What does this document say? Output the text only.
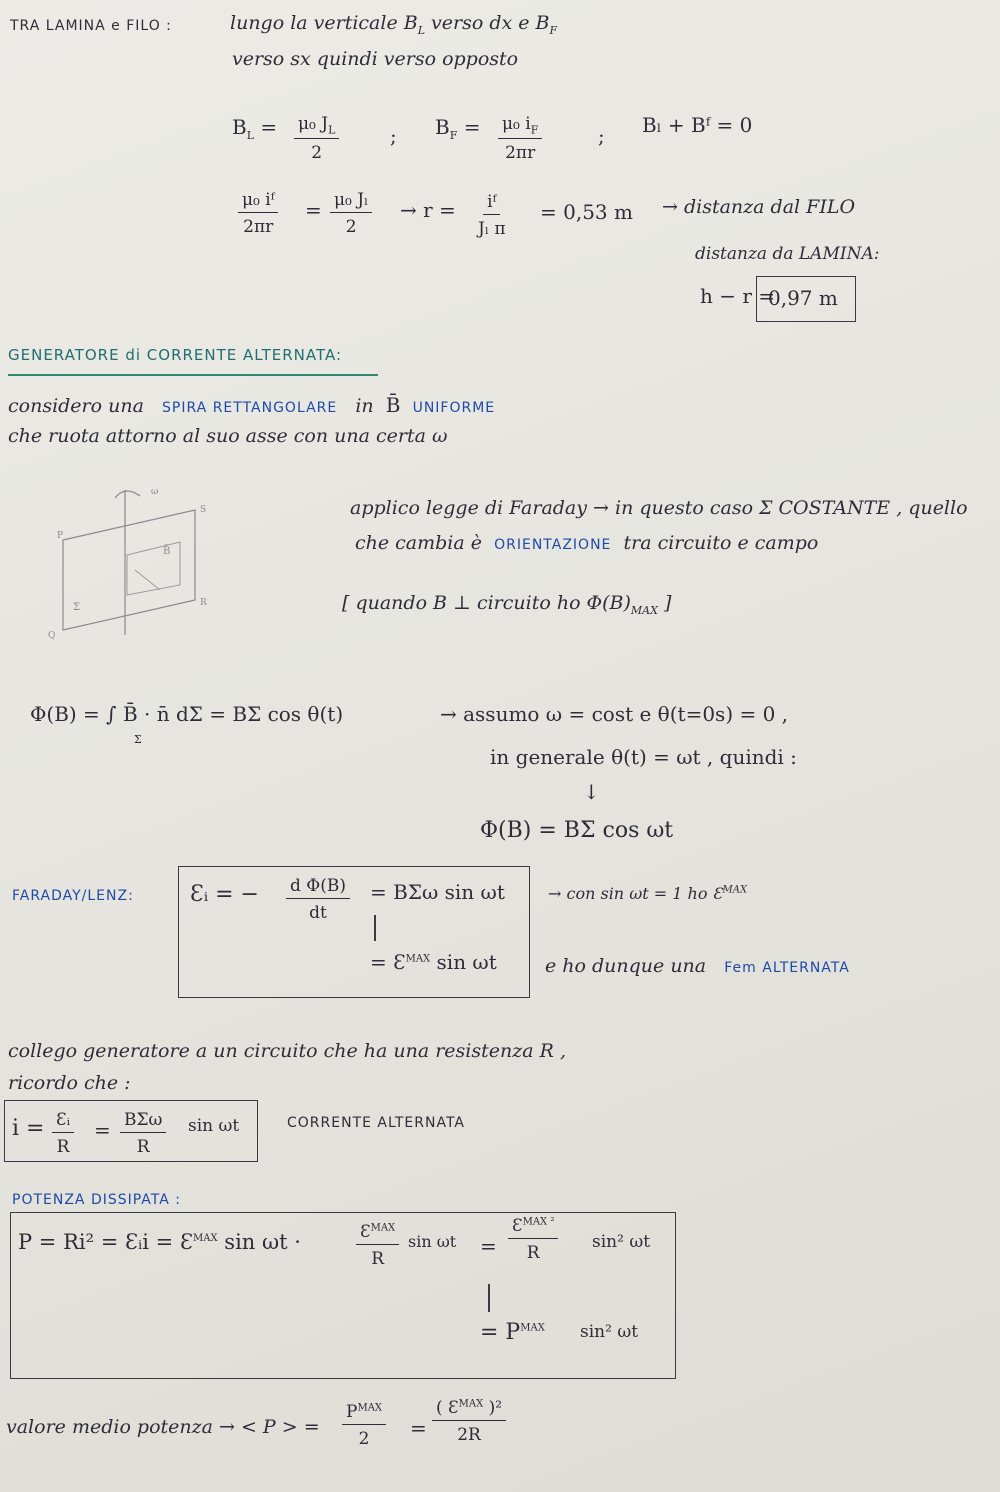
TRA LAMINA e FILO :	lungo la verticale $B_L$ verso dx e $B_F$
verso sx quindi verso opposto
$B_L = \frac{\mu_0 J_L}{2}$	; $B_F = \frac{\mu_0 i_F}{2\pi r}$	; Bₗ + Bᶠ = 0
$\frac{\text{μ₀ iᶠ}}{2\pi r} = \frac{\text{μ₀ Jₗ}}{2} \to r = \frac{\text{iᶠ}}{\text{Jₗ π}} = 0,53$ m → distanza dal FILO
distanza da LAMINA:
h − r =
0,97 m
GENERATORE di CORRENTE ALTERNATA:
considero una SPIRA RETTANGOLARE in B̄ UNIFORME
che ruota attorno al suo asse con una certa ω
ω
P
S
R
Q
B̄
Σ
applico legge di Faraday → in questo caso Σ COSTANTE , quello
che cambia è ORIENTAZIONE tra circuito e campo
[ quando B ⊥ circuito ho $\Phi(B)_{MAX}$ ]
Φ(B) = ∫ B̄ · n̄ dΣ = BΣ cos θ(t)
Σ
→ assumo ω = cost e θ(t=0s) = 0 ,
in generale θ(t) = ωt , quindi :
↓
Φ(B) = BΣ cos ωt
FARADAY/LENZ:	Ɛᵢ = − $\frac{\text{d Φ(B)}}{dt} = B\Sigma\omega$ sin ωt
= $Ɛ^{MAX}$ sin ωt
→ con sin ωt = 1 ho $Ɛ^{MAX}$
e ho dunque una Fem ALTERNATA
collego generatore a un circuito che ha una resistenza R ,
ricordo che :
$i = \frac{\text{Ɛᵢ}}{R} = B\Sigma\omega$
R
sin ωt	CORRENTE ALTERNATA
POTENZA DISSIPATA :
P = Ri² = Ɛᵢi = $Ɛ^{MAX}$ sin ωt ·	$Ɛ^{MAX}$
R
sin ωt =
$Ɛ^{MAX ^2}$
R
sin² ωt
= $P^{MAX}$ sin² ωt
valore medio potenza → < P > =
$P^{MAX}$
2 =
( $Ɛ^{MAX}$ )²
2R
